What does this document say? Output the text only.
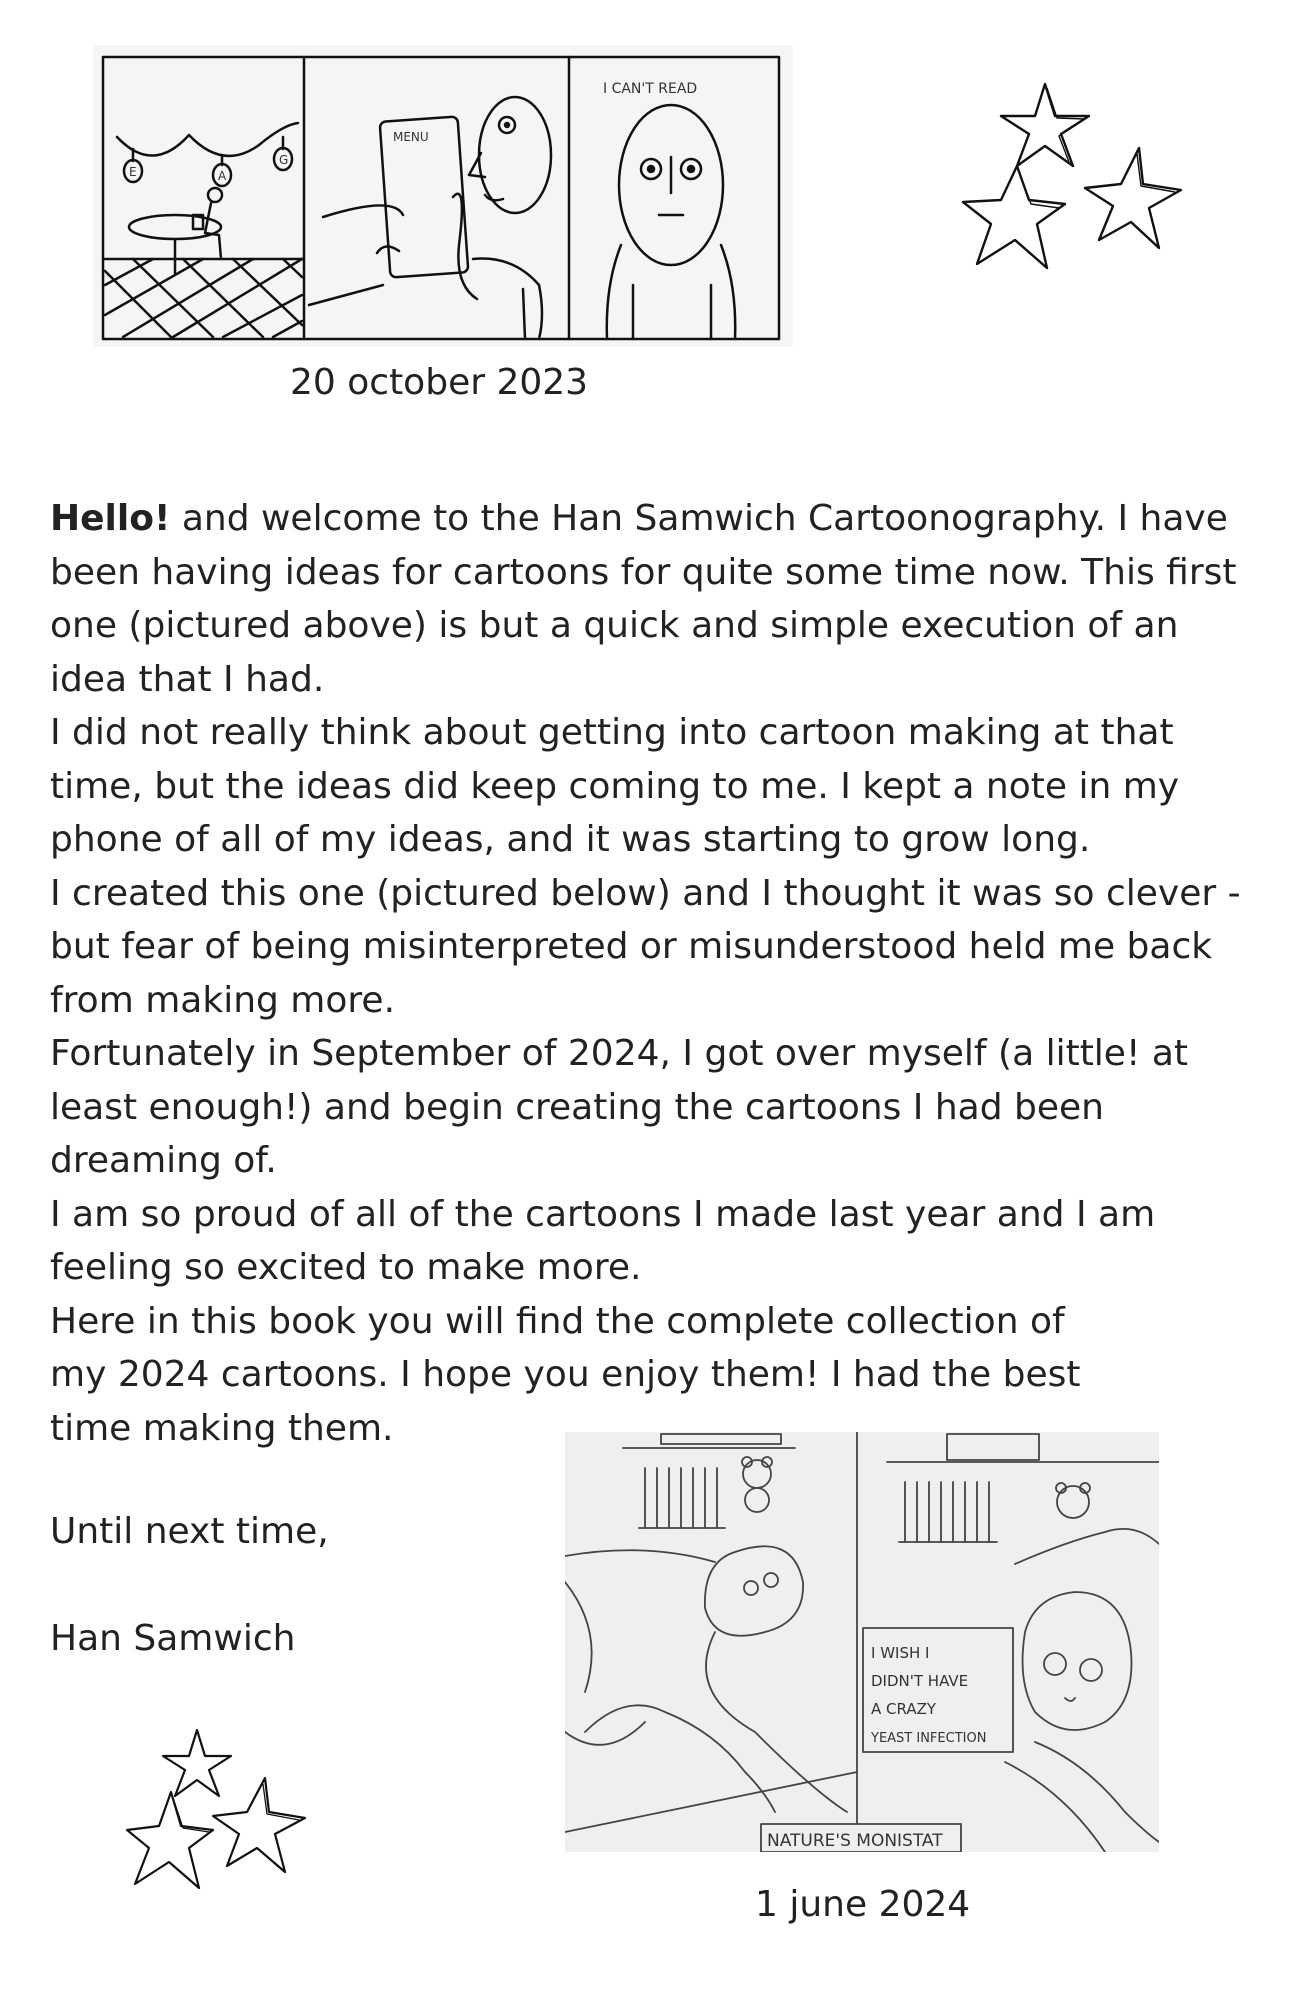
E	A
G
MENU
I CAN'T READ
20 october 2023

Hello! and welcome to the Han Samwich Cartoonography. I have been having ideas for cartoons for quite some time now. This first one (pictured above) is but a quick and simple execution of an idea that I had.

I did not really think about getting into cartoon making at that time, but the ideas did keep coming to me. I kept a note in my phone of all of my ideas, and it was starting to grow long.

I created this one (pictured below) and I thought it was so clever - but fear of being misinterpreted or misunderstood held me back from making more.

Fortunately in September of 2024, I got over myself (a little! at least enough!) and begin creating the cartoons I had been dreaming of.

I am so proud of all of the cartoons I made last year and I am feeling so excited to make more.

Here in this book you will find the complete collection of my 2024 cartoons. I hope you enjoy them! I had the best time making them.

Until next time,
Han Samwich	I WISH I
DIDN'T HAVE
A CRAZY
YEAST INFECTION
NATURE'S MONISTAT
1 june 2024
